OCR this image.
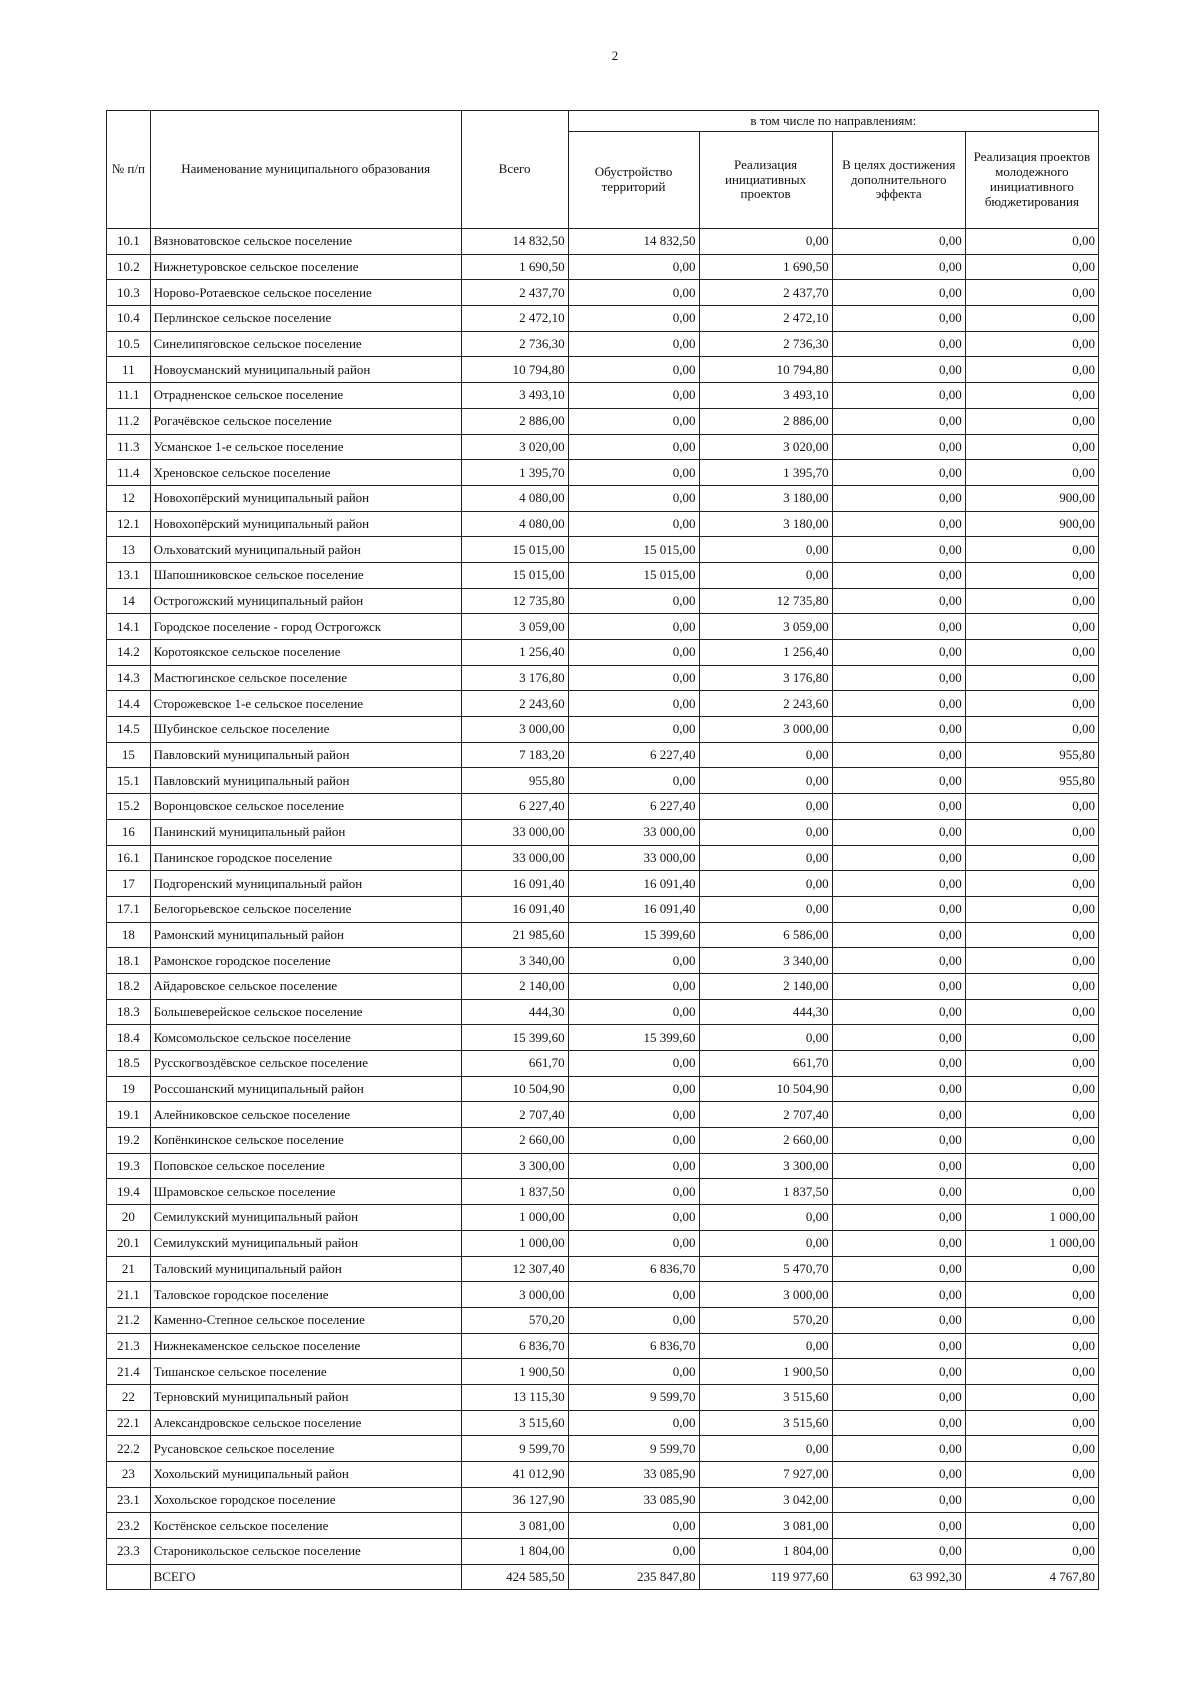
2
№ п/п	Наименование муниципального образования	Всего	в том числе по направлениям:			
			Обустройство территорий	Реализация инициативных проектов	В целях достижения дополнительного эффекта	Реализация проектов молодежного инициативного бюджетирования
10.1	Вязноватовское сельское поселение	14 832,50	14 832,50	0,00	0,00	0,00
10.2	Нижнетуровское сельское поселение	1 690,50	0,00	1 690,50	0,00	0,00
10.3	Норово-Ротаевское сельское поселение	2 437,70	0,00	2 437,70	0,00	0,00
10.4	Перлинское сельское поселение	2 472,10	0,00	2 472,10	0,00	0,00
10.5	Синелипяговское сельское поселение	2 736,30	0,00	2 736,30	0,00	0,00
11	Новоусманский муниципальный район	10 794,80	0,00	10 794,80	0,00	0,00
11.1	Отрадненское сельское поселение	3 493,10	0,00	3 493,10	0,00	0,00
11.2	Рогачёвское сельское поселение	2 886,00	0,00	2 886,00	0,00	0,00
11.3	Усманское 1-е сельское поселение	3 020,00	0,00	3 020,00	0,00	0,00
11.4	Хреновское сельское поселение	1 395,70	0,00	1 395,70	0,00	0,00
12	Новохопёрский муниципальный район	4 080,00	0,00	3 180,00	0,00	900,00
12.1	Новохопёрский муниципальный район	4 080,00	0,00	3 180,00	0,00	900,00
13	Ольховатский муниципальный район	15 015,00	15 015,00	0,00	0,00	0,00
13.1	Шапошниковское сельское поселение	15 015,00	15 015,00	0,00	0,00	0,00
14	Острогожский муниципальный район	12 735,80	0,00	12 735,80	0,00	0,00
14.1	Городское поселение - город Острогожск	3 059,00	0,00	3 059,00	0,00	0,00
14.2	Коротоякское сельское поселение	1 256,40	0,00	1 256,40	0,00	0,00
14.3	Мастюгинское сельское поселение	3 176,80	0,00	3 176,80	0,00	0,00
14.4	Сторожевское 1-е сельское поселение	2 243,60	0,00	2 243,60	0,00	0,00
14.5	Шубинское сельское поселение	3 000,00	0,00	3 000,00	0,00	0,00
15	Павловский муниципальный район	7 183,20	6 227,40	0,00	0,00	955,80
15.1	Павловский муниципальный район	955,80	0,00	0,00	0,00	955,80
15.2	Воронцовское сельское поселение	6 227,40	6 227,40	0,00	0,00	0,00
16	Панинский муниципальный район	33 000,00	33 000,00	0,00	0,00	0,00
16.1	Панинское городское поселение	33 000,00	33 000,00	0,00	0,00	0,00
17	Подгоренский муниципальный район	16 091,40	16 091,40	0,00	0,00	0,00
17.1	Белогорьевское сельское поселение	16 091,40	16 091,40	0,00	0,00	0,00
18	Рамонский муниципальный район	21 985,60	15 399,60	6 586,00	0,00	0,00
18.1	Рамонское городское поселение	3 340,00	0,00	3 340,00	0,00	0,00
18.2	Айдаровское сельское поселение	2 140,00	0,00	2 140,00	0,00	0,00
18.3	Большеверейское сельское поселение	444,30	0,00	444,30	0,00	0,00
18.4	Комсомольское сельское поселение	15 399,60	15 399,60	0,00	0,00	0,00
18.5	Русскогвоздёвское сельское поселение	661,70	0,00	661,70	0,00	0,00
19	Россошанский муниципальный район	10 504,90	0,00	10 504,90	0,00	0,00
19.1	Алейниковское сельское поселение	2 707,40	0,00	2 707,40	0,00	0,00
19.2	Копёнкинское сельское поселение	2 660,00	0,00	2 660,00	0,00	0,00
19.3	Поповское сельское поселение	3 300,00	0,00	3 300,00	0,00	0,00
19.4	Шрамовское сельское поселение	1 837,50	0,00	1 837,50	0,00	0,00
20	Семилукский муниципальный район	1 000,00	0,00	0,00	0,00	1 000,00
20.1	Семилукский муниципальный район	1 000,00	0,00	0,00	0,00	1 000,00
21	Таловский муниципальный район	12 307,40	6 836,70	5 470,70	0,00	0,00
21.1	Таловское городское поселение	3 000,00	0,00	3 000,00	0,00	0,00
21.2	Каменно-Степное сельское поселение	570,20	0,00	570,20	0,00	0,00
21.3	Нижнекаменское сельское поселение	6 836,70	6 836,70	0,00	0,00	0,00
21.4	Тишанское сельское поселение	1 900,50	0,00	1 900,50	0,00	0,00
22	Терновский муниципальный район	13 115,30	9 599,70	3 515,60	0,00	0,00
22.1	Александровское сельское поселение	3 515,60	0,00	3 515,60	0,00	0,00
22.2	Русановское сельское поселение	9 599,70	9 599,70	0,00	0,00	0,00
23	Хохольский муниципальный район	41 012,90	33 085,90	7 927,00	0,00	0,00
23.1	Хохольское городское поселение	36 127,90	33 085,90	3 042,00	0,00	0,00
23.2	Костёнское сельское поселение	3 081,00	0,00	3 081,00	0,00	0,00
23.3	Староникольское сельское поселение	1 804,00	0,00	1 804,00	0,00	0,00
	ВСЕГО	424 585,50	235 847,80	119 977,60	63 992,30	4 767,80
